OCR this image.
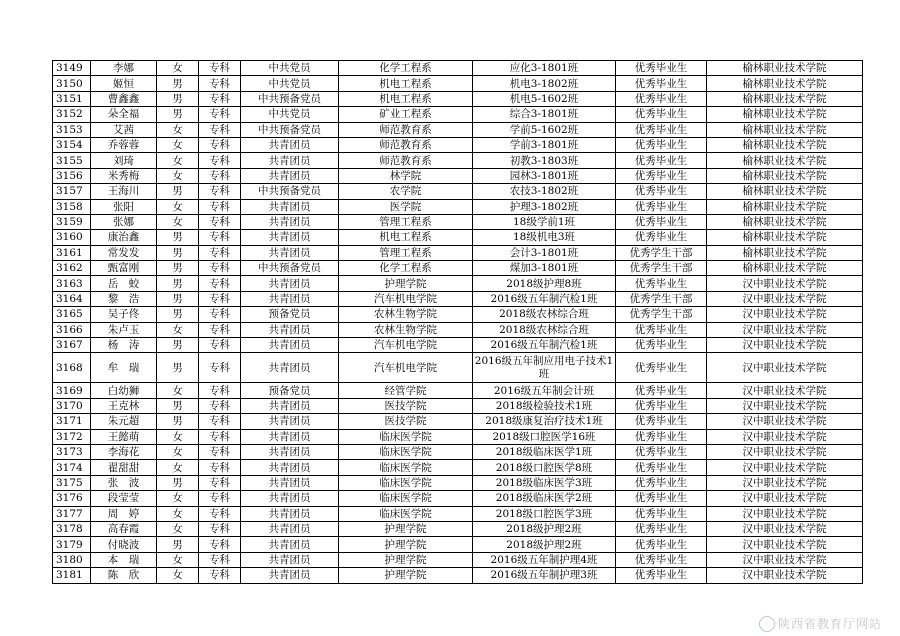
3149	李娜	女	专科	中共党员	化学工程系	应化3-1801班	优秀毕业生	榆林职业技术学院
3150	姬恒	男	专科	中共党员	机电工程系	机电3-1802班	优秀毕业生	榆林职业技术学院
3151	曹鑫鑫	男	专科	中共预备党员	机电工程系	机电5-1602班	优秀毕业生	榆林职业技术学院
3152	朵全福	男	专科	中共党员	矿业工程系	综合3-1801班	优秀毕业生	榆林职业技术学院
3153	艾茜	女	专科	中共预备党员	师范教育系	学前5-1602班	优秀毕业生	榆林职业技术学院
3154	乔蓉蓉	女	专科	共青团员	师范教育系	学前3-1801班	优秀毕业生	榆林职业技术学院
3155	刘琦	女	专科	共青团员	师范教育系	初教3-1803班	优秀毕业生	榆林职业技术学院
3156	米秀梅	女	专科	共青团员	林学院	园林3-1801班	优秀毕业生	榆林职业技术学院
3157	王海川	男	专科	中共预备党员	农学院	农技3-1802班	优秀毕业生	榆林职业技术学院
3158	张阳	女	专科	共青团员	医学院	护理3-1802班	优秀毕业生	榆林职业技术学院
3159	张娜	女	专科	共青团员	管理工程系	18级学前1班	优秀毕业生	榆林职业技术学院
3160	康治鑫	男	专科	共青团员	机电工程系	18级机电3班	优秀毕业生	榆林职业技术学院
3161	常发发	男	专科	共青团员	管理工程系	会计3-1801班	优秀学生干部	榆林职业技术学院
3162	甄富刚	男	专科	中共预备党员	化学工程系	煤加3-1801班	优秀学生干部	榆林职业技术学院
3163	岳　蛟	男	专科	共青团员	护理学院	2018级护理8班	优秀毕业生	汉中职业技术学院
3164	黎　浩	男	专科	共青团员	汽车机电学院	2016级五年制汽检1班	优秀学生干部	汉中职业技术学院
3165	吴子佟	男	专科	预备党员	农林生物学院	2018级农林综合班	优秀学生干部	汉中职业技术学院
3166	朱卢玉	女	专科	共青团员	农林生物学院	2018级农林综合班	优秀毕业生	汉中职业技术学院
3167	杨　涛	男	专科	共青团员	汽车机电学院	2016级五年制汽检1班	优秀毕业生	汉中职业技术学院
3168	牟　瑞	男	专科	共青团员	汽车机电学院	2016级五年制应用电子技术1班	优秀毕业生	汉中职业技术学院
3169	白幼狮	女	专科	预备党员	经管学院	2016级五年制会计班	优秀毕业生	汉中职业技术学院
3170	王克林	男	专科	共青团员	医技学院	2018级检验技术1班	优秀毕业生	汉中职业技术学院
3171	朱元超	男	专科	共青团员	医技学院	2018级康复治疗技术1班	优秀毕业生	汉中职业技术学院
3172	王懿萌	女	专科	共青团员	临床医学院	2018级口腔医学16班	优秀毕业生	汉中职业技术学院
3173	李海花	女	专科	共青团员	临床医学院	2018级临床医学1班	优秀毕业生	汉中职业技术学院
3174	翟甜甜	女	专科	共青团员	临床医学院	2018级口腔医学8班	优秀毕业生	汉中职业技术学院
3175	张　波	男	专科	共青团员	临床医学院	2018级临床医学3班	优秀毕业生	汉中职业技术学院
3176	段莹莹	女	专科	共青团员	临床医学院	2018级临床医学2班	优秀毕业生	汉中职业技术学院
3177	周　婷	女	专科	共青团员	临床医学院	2018级口腔医学3班	优秀毕业生	汉中职业技术学院
3178	高春霞	女	专科	共青团员	护理学院	2018级护理2班	优秀毕业生	汉中职业技术学院
3179	付晓波	男	专科	共青团员	护理学院	2018级护理2班	优秀毕业生	汉中职业技术学院
3180	本　瑞	女	专科	共青团员	护理学院	2016级五年制护理4班	优秀毕业生	汉中职业技术学院
3181	陈　欣	女	专科	共青团员	护理学院	2016级五年制护理3班	优秀毕业生	汉中职业技术学院
陕西省教育厅网站
